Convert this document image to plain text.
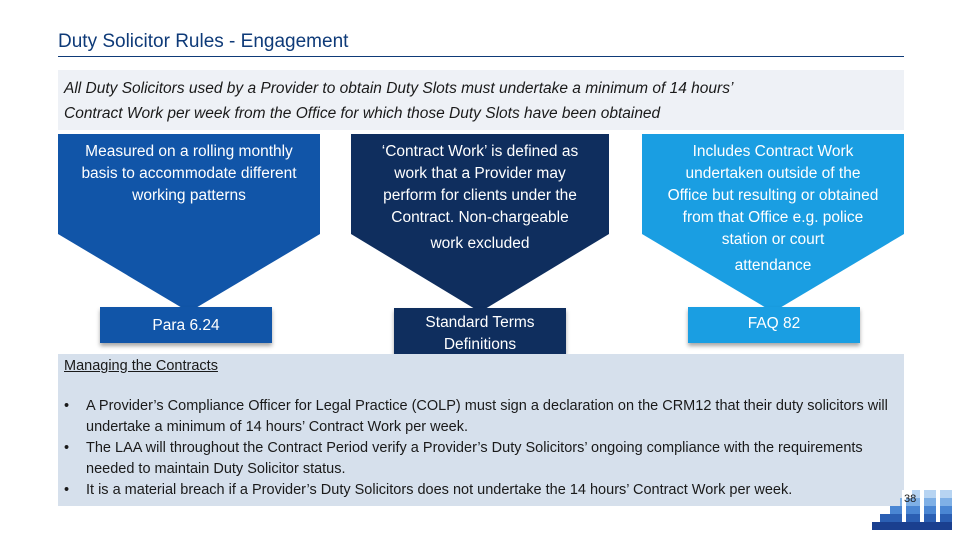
Duty Solicitor Rules - Engagement
All Duty Solicitors used by a Provider to obtain Duty Slots must undertake a minimum of 14 hours’
Contract Work per week from the Office for which those Duty Slots have been obtained
Measured on a rolling monthly
basis to accommodate different
working patterns
‘Contract Work’ is defined as
work that a Provider may
perform for clients under the
Contract. Non-chargeable
work excluded
Includes Contract Work
undertaken outside of the
Office but resulting or obtained
from that Office e.g. police
station or court
attendance
Para 6.24	Standard Terms
Definitions
FAQ 82
Managing the Contracts
• A Provider’s Compliance Officer for Legal Practice (COLP) must sign a declaration on the CRM12 that their duty solicitors will undertake a minimum of 14 hours’ Contract Work per week.
• The LAA will throughout the Contract Period verify a Provider’s Duty Solicitors’ ongoing compliance with the requirements needed to maintain Duty Solicitor status.
• It is a material breach if a Provider’s Duty Solicitors does not undertake the 14 hours’ Contract Work per week.
38
